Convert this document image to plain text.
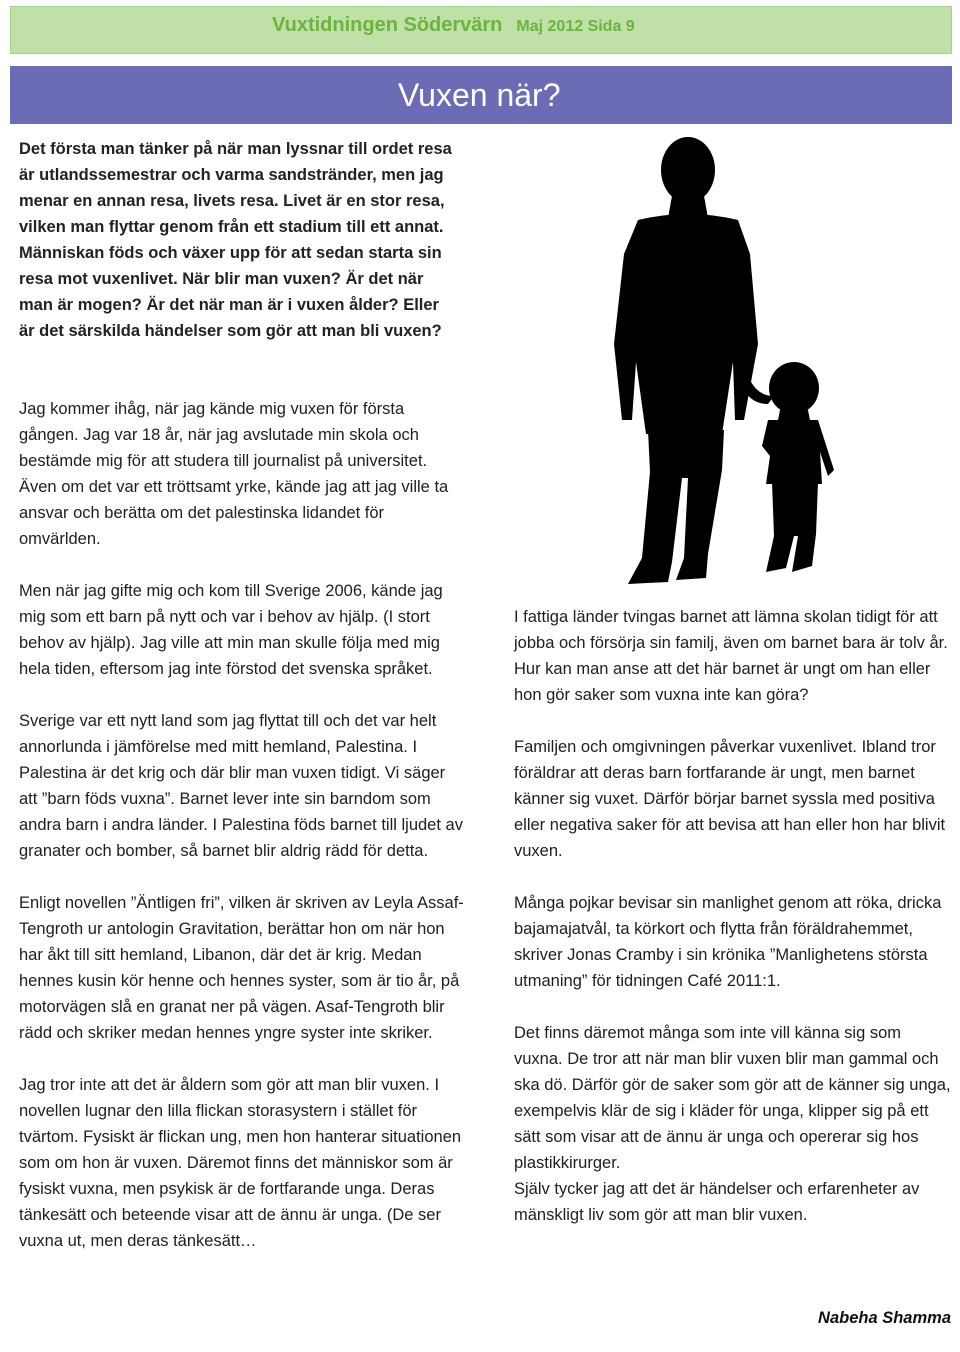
Vuxtidningen Södervärn Maj 2012 Sida 9
Vuxen när?
Det första man tänker på när man lyssnar till ordet resa är utlandssemestrar och varma sandstränder, men jag menar en annan resa, livets resa. Livet är en stor resa, vilken man flyttar genom från ett stadium till ett annat. Människan föds och växer upp för att sedan starta sin resa mot vuxenlivet. När blir man vuxen? Är det när man är mogen? Är det när man är i vuxen ålder? Eller är det särskilda händelser som gör att man bli vuxen?

Jag kommer ihåg, när jag kände mig vuxen för första gången. Jag var 18 år, när jag avslutade min skola och bestämde mig för att studera till journalist på universitet. Även om det var ett tröttsamt yrke, kände jag att jag ville ta ansvar och berätta om det palestinska lidandet för omvärlden.

Men när jag gifte mig och kom till Sverige 2006, kände jag mig som ett barn på nytt och var i behov av hjälp. (I stort behov av hjälp). Jag ville att min man skulle följa med mig hela tiden, eftersom jag inte förstod det svenska språket.

Sverige var ett nytt land som jag flyttat till och det var helt annorlunda i jämförelse med mitt hemland, Palestina. I Palestina är det krig och där blir man vuxen tidigt. Vi säger att ”barn föds vuxna”. Barnet lever inte sin barndom som andra barn i andra länder. I Palestina föds barnet till ljudet av granater och bomber, så barnet blir aldrig rädd för detta.

Enligt novellen ”Äntligen fri”, vilken är skriven av Leyla Assaf-Tengroth ur antologin Gravitation, berättar hon om när hon har åkt till sitt hemland, Libanon, där det är krig. Medan hennes kusin kör henne och hennes syster, som är tio år, på motorvägen slå en granat ner på vägen. Asaf-Tengroth blir rädd och skriker medan hennes yngre syster inte skriker.

Jag tror inte att det är åldern som gör att man blir vuxen. I novellen lugnar den lilla flickan storasystern i stället för tvärtom. Fysiskt är flickan ung, men hon hanterar situationen som om hon är vuxen. Däremot finns det människor som är fysiskt vuxna, men psykisk är de fortfarande unga. Deras tänkesätt och beteende visar att de ännu är unga. (De ser vuxna ut, men deras tänkesätt…

I fattiga länder tvingas barnet att lämna skolan tidigt för att jobba och försörja sin familj, även om barnet bara är tolv år. Hur kan man anse att det här barnet är ungt om han eller hon gör saker som vuxna inte kan göra?

Familjen och omgivningen påverkar vuxenlivet. Ibland tror föräldrar att deras barn fortfarande är ungt, men barnet känner sig vuxet. Därför börjar barnet syssla med positiva eller negativa saker för att bevisa att han eller hon har blivit vuxen.

Många pojkar bevisar sin manlighet genom att röka, dricka bajamajatvål, ta körkort och flytta från föräldrahemmet, skriver Jonas Cramby i sin krönika ”Manlighetens största utmaning” för tidningen Café 2011:1.

Det finns däremot många som inte vill känna sig som vuxna. De tror att när man blir vuxen blir man gammal och ska dö. Därför gör de saker som gör att de känner sig unga, exempelvis klär de sig i kläder för unga, klipper sig på ett sätt som visar att de ännu är unga och opererar sig hos plastikkirurger.

Själv tycker jag att det är händelser och erfarenheter av mänskligt liv som gör att man blir vuxen.

Nabeha Shamma
